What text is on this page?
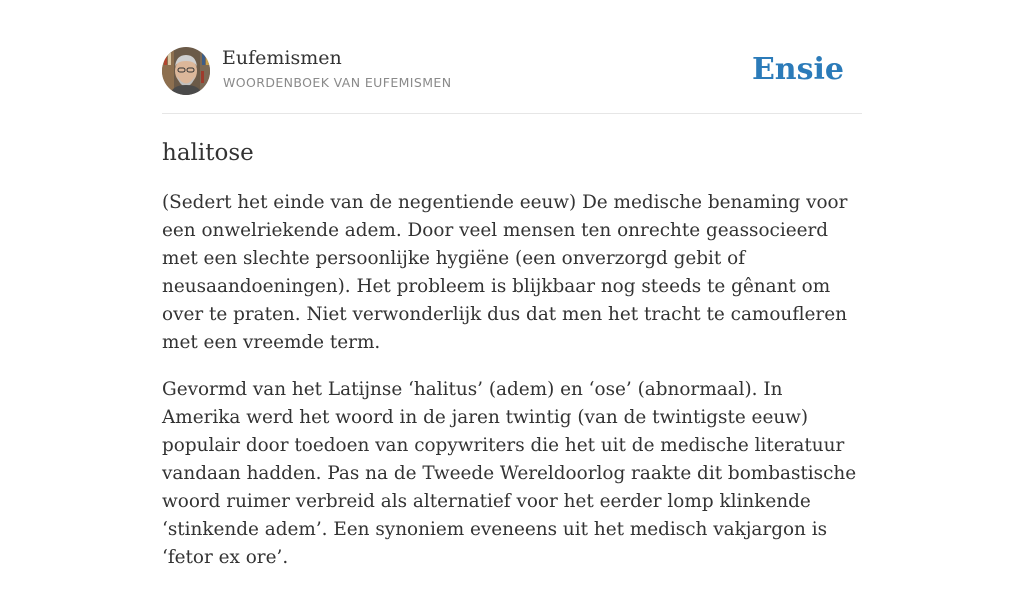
Eufemismen
WOORDENBOEK VAN EUFEMISMEN	Ensie
halitose

(Sedert het einde van de negentiende eeuw) De medische benaming voor een onwelriekende adem. Door veel mensen ten onrechte geassocieerd met een slechte persoonlijke hygiëne (een onverzorgd gebit of neusaandoeningen). Het probleem is blijkbaar nog steeds te gênant om over te praten. Niet verwonderlijk dus dat men het tracht te camoufleren met een vreemde term.

Gevormd van het Latijnse ‘halitus’ (adem) en ‘ose’ (abnormaal). In Amerika werd het woord in de jaren twintig (van de twintigste eeuw) populair door toedoen van copywriters die het uit de medische literatuur vandaan hadden. Pas na de Tweede Wereldoorlog raakte dit bombastische woord ruimer verbreid als alternatief voor het eerder lomp klinkende ‘stinkende adem’. Een synoniem eveneens uit het medisch vakjargon is ‘fetor ex ore’.
